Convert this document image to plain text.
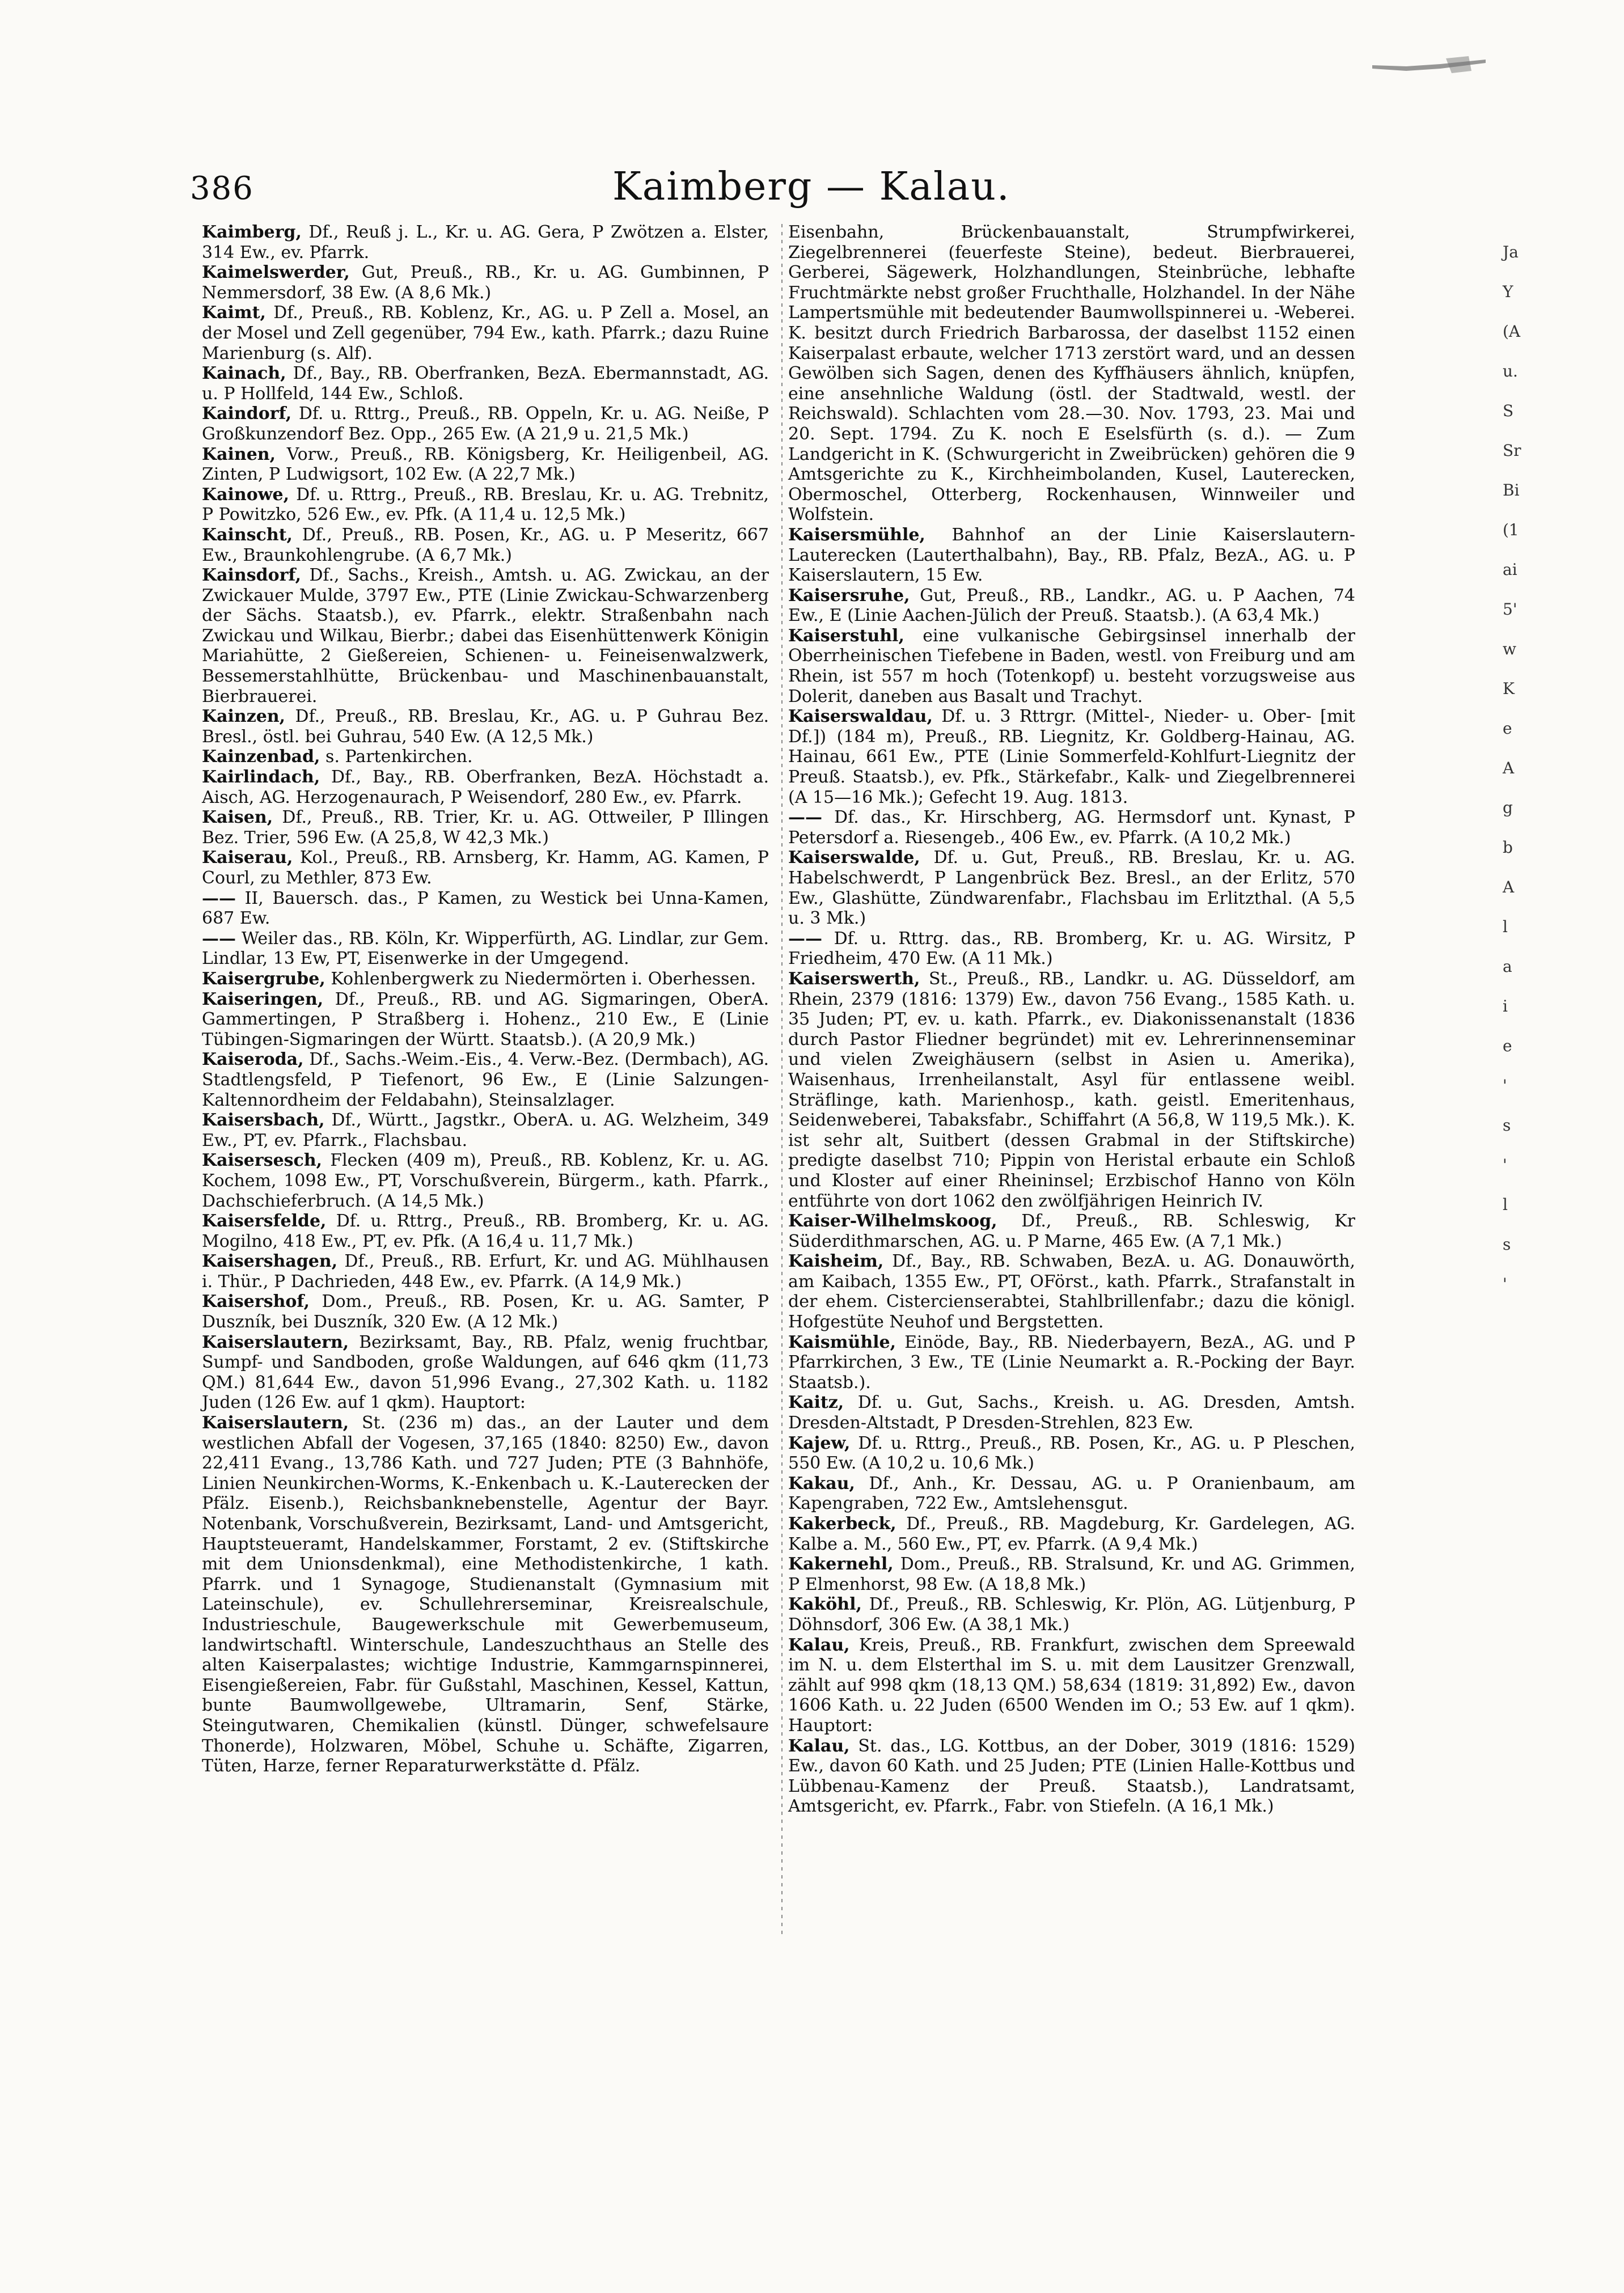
386	Kaimberg — Kalau.

Kaimberg, Df., Reuß j. L., Kr. u. AG. Gera, P Zwötzen a. Elster, 314 Ew., ev. Pfarrk.

Kaimelswerder, Gut, Preuß., RB., Kr. u. AG. Gumbinnen, P Nemmersdorf, 38 Ew. (A 8,6 Mk.)

Kaimt, Df., Preuß., RB. Koblenz, Kr., AG. u. P Zell a. Mosel, an der Mosel und Zell gegenüber, 794 Ew., kath. Pfarrk.; dazu Ruine Marienburg (s. Alf).

Kainach, Df., Bay., RB. Oberfranken, BezA. Ebermannstadt, AG. u. P Hollfeld, 144 Ew., Schloß.

Kaindorf, Df. u. Rttrg., Preuß., RB. Oppeln, Kr. u. AG. Neiße, P Großkunzendorf Bez. Opp., 265 Ew. (A 21,9 u. 21,5 Mk.)

Kainen, Vorw., Preuß., RB. Königsberg, Kr. Heiligenbeil, AG. Zinten, P Ludwigsort, 102 Ew. (A 22,7 Mk.)

Kainowe, Df. u. Rttrg., Preuß., RB. Breslau, Kr. u. AG. Trebnitz, P Powitzko, 526 Ew., ev. Pfk. (A 11,4 u. 12,5 Mk.)

Kainscht, Df., Preuß., RB. Posen, Kr., AG. u. P Meseritz, 667 Ew., Braunkohlengrube. (A 6,7 Mk.)

Kainsdorf, Df., Sachs., Kreish., Amtsh. u. AG. Zwickau, an der Zwickauer Mulde, 3797 Ew., PTE (Linie Zwickau-Schwarzenberg der Sächs. Staatsb.), ev. Pfarrk., elektr. Straßenbahn nach Zwickau und Wilkau, Bierbr.; dabei das Eisenhüttenwerk Königin Mariahütte, 2 Gießereien, Schienen- u. Feineisenwalzwerk, Bessemerstahlhütte, Brückenbau- und Maschinenbauanstalt, Bierbrauerei.

Kainzen, Df., Preuß., RB. Breslau, Kr., AG. u. P Guhrau Bez. Bresl., östl. bei Guhrau, 540 Ew. (A 12,5 Mk.)

Kainzenbad, s. Partenkirchen.

Kairlindach, Df., Bay., RB. Oberfranken, BezA. Höchstadt a. Aisch, AG. Herzogenaurach, P Weisendorf, 280 Ew., ev. Pfarrk.

Kaisen, Df., Preuß., RB. Trier, Kr. u. AG. Ottweiler, P Illingen Bez. Trier, 596 Ew. (A 25,8, W 42,3 Mk.)

Kaiserau, Kol., Preuß., RB. Arnsberg, Kr. Hamm, AG. Kamen, P Courl, zu Methler, 873 Ew.

—— II, Bauersch. das., P Kamen, zu Westick bei Unna-Kamen, 687 Ew.

—— Weiler das., RB. Köln, Kr. Wipperfürth, AG. Lindlar, zur Gem. Lindlar, 13 Ew, PT, Eisenwerke in der Umgegend.

Kaisergrube, Kohlenbergwerk zu Niedermörten i. Oberhessen.

Kaiseringen, Df., Preuß., RB. und AG. Sigmaringen, OberA. Gammertingen, P Straßberg i. Hohenz., 210 Ew., E (Linie Tübingen-Sigmaringen der Württ. Staatsb.). (A 20,9 Mk.)

Kaiseroda, Df., Sachs.-Weim.-Eis., 4. Verw.-Bez. (Dermbach), AG. Stadtlengsfeld, P Tiefenort, 96 Ew., E (Linie Salzungen-Kaltennordheim der Feldabahn), Steinsalzlager.

Kaisersbach, Df., Württ., Jagstkr., OberA. u. AG. Welzheim, 349 Ew., PT, ev. Pfarrk., Flachsbau.

Kaisersesch, Flecken (409 m), Preuß., RB. Koblenz, Kr. u. AG. Kochem, 1098 Ew., PT, Vorschußverein, Bürgerm., kath. Pfarrk., Dachschieferbruch. (A 14,5 Mk.)

Kaisersfelde, Df. u. Rttrg., Preuß., RB. Bromberg, Kr. u. AG. Mogilno, 418 Ew., PT, ev. Pfk. (A 16,4 u. 11,7 Mk.)

Kaisershagen, Df., Preuß., RB. Erfurt, Kr. und AG. Mühlhausen i. Thür., P Dachrieden, 448 Ew., ev. Pfarrk. (A 14,9 Mk.)

Kaisershof, Dom., Preuß., RB. Posen, Kr. u. AG. Samter, P Duszník, bei Duszník, 320 Ew. (A 12 Mk.)

Kaiserslautern, Bezirksamt, Bay., RB. Pfalz, wenig fruchtbar, Sumpf- und Sandboden, große Waldungen, auf 646 qkm (11,73 QM.) 81,644 Ew., davon 51,996 Evang., 27,302 Kath. u. 1182 Juden (126 Ew. auf 1 qkm). Hauptort:

Kaiserslautern, St. (236 m) das., an der Lauter und dem westlichen Abfall der Vogesen, 37,165 (1840: 8250) Ew., davon 22,411 Evang., 13,786 Kath. und 727 Juden; PTE (3 Bahnhöfe, Linien Neunkirchen-Worms, K.-Enkenbach u. K.-Lauterecken der Pfälz. Eisenb.), Reichsbanknebenstelle, Agentur der Bayr. Notenbank, Vorschußverein, Bezirksamt, Land- und Amtsgericht, Hauptsteueramt, Handelskammer, Forstamt, 2 ev. (Stiftskirche mit dem Unionsdenkmal), eine Methodistenkirche, 1 kath. Pfarrk. und 1 Synagoge, Studienanstalt (Gymnasium mit Lateinschule), ev. Schullehrerseminar, Kreisrealschule, Industrieschule, Baugewerkschule mit Gewerbemuseum, landwirtschaftl. Winterschule, Landeszuchthaus an Stelle des alten Kaiserpalastes; wichtige Industrie, Kammgarnspinnerei, Eisengießereien, Fabr. für Gußstahl, Maschinen, Kessel, Kattun, bunte Baumwollgewebe, Ultramarin, Senf, Stärke, Steingutwaren, Chemikalien (künstl. Dünger, schwefelsaure Thonerde), Holzwaren, Möbel, Schuhe u. Schäfte, Zigarren, Tüten, Harze, ferner Reparaturwerkstätte d. Pfälz.

Eisenbahn, Brückenbauanstalt, Strumpfwirkerei, Ziegelbrennerei (feuerfeste Steine), bedeut. Bierbrauerei, Gerberei, Sägewerk, Holzhandlungen, Steinbrüche, lebhafte Fruchtmärkte nebst großer Fruchthalle, Holzhandel. In der Nähe Lampertsmühle mit bedeutender Baumwollspinnerei u. -Weberei. K. besitzt durch Friedrich Barbarossa, der daselbst 1152 einen Kaiserpalast erbaute, welcher 1713 zerstört ward, und an dessen Gewölben sich Sagen, denen des Kyffhäusers ähnlich, knüpfen, eine ansehnliche Waldung (östl. der Stadtwald, westl. der Reichswald). Schlachten vom 28.—30. Nov. 1793, 23. Mai und 20. Sept. 1794. Zu K. noch E Eselsfürth (s. d.). — Zum Landgericht in K. (Schwurgericht in Zweibrücken) gehören die 9 Amtsgerichte zu K., Kirchheimbolanden, Kusel, Lauterecken, Obermoschel, Otterberg, Rockenhausen, Winnweiler und Wolfstein.

Kaisersmühle, Bahnhof an der Linie Kaiserslautern-Lauterecken (Lauterthalbahn), Bay., RB. Pfalz, BezA., AG. u. P Kaiserslautern, 15 Ew.

Kaisersruhe, Gut, Preuß., RB., Landkr., AG. u. P Aachen, 74 Ew., E (Linie Aachen-Jülich der Preuß. Staatsb.). (A 63,4 Mk.)

Kaiserstuhl, eine vulkanische Gebirgsinsel innerhalb der Oberrheinischen Tiefebene in Baden, westl. von Freiburg und am Rhein, ist 557 m hoch (Totenkopf) u. besteht vorzugsweise aus Dolerit, daneben aus Basalt und Trachyt.

Kaiserswaldau, Df. u. 3 Rttrgr. (Mittel-, Nieder- u. Ober- [mit Df.]) (184 m), Preuß., RB. Liegnitz, Kr. Goldberg-Hainau, AG. Hainau, 661 Ew., PTE (Linie Sommerfeld-Kohlfurt-Liegnitz der Preuß. Staatsb.), ev. Pfk., Stärkefabr., Kalk- und Ziegelbrennerei (A 15—16 Mk.); Gefecht 19. Aug. 1813.

—— Df. das., Kr. Hirschberg, AG. Hermsdorf unt. Kynast, P Petersdorf a. Riesengeb., 406 Ew., ev. Pfarrk. (A 10,2 Mk.)

Kaiserswalde, Df. u. Gut, Preuß., RB. Breslau, Kr. u. AG. Habelschwerdt, P Langenbrück Bez. Bresl., an der Erlitz, 570 Ew., Glashütte, Zündwarenfabr., Flachsbau im Erlitzthal. (A 5,5 u. 3 Mk.)

—— Df. u. Rttrg. das., RB. Bromberg, Kr. u. AG. Wirsitz, P Friedheim, 470 Ew. (A 11 Mk.)

Kaiserswerth, St., Preuß., RB., Landkr. u. AG. Düsseldorf, am Rhein, 2379 (1816: 1379) Ew., davon 756 Evang., 1585 Kath. u. 35 Juden; PT, ev. u. kath. Pfarrk., ev. Diakonissenanstalt (1836 durch Pastor Fliedner begründet) mit ev. Lehrerinnenseminar und vielen Zweighäusern (selbst in Asien u. Amerika), Waisenhaus, Irrenheilanstalt, Asyl für entlassene weibl. Sträflinge, kath. Marienhosp., kath. geistl. Emeritenhaus, Seidenweberei, Tabaksfabr., Schiffahrt (A 56,8, W 119,5 Mk.). K. ist sehr alt, Suitbert (dessen Grabmal in der Stiftskirche) predigte daselbst 710; Pippin von Heristal erbaute ein Schloß und Kloster auf einer Rheininsel; Erzbischof Hanno von Köln entführte von dort 1062 den zwölfjährigen Heinrich IV.

Kaiser-Wilhelmskoog, Df., Preuß., RB. Schleswig, Kr Süderdithmarschen, AG. u. P Marne, 465 Ew. (A 7,1 Mk.)

Kaisheim, Df., Bay., RB. Schwaben, BezA. u. AG. Donauwörth, am Kaibach, 1355 Ew., PT, OFörst., kath. Pfarrk., Strafanstalt in der ehem. Cistercienserabtei, Stahlbrillenfabr.; dazu die königl. Hofgestüte Neuhof und Bergstetten.

Kaismühle, Einöde, Bay., RB. Niederbayern, BezA., AG. und P Pfarrkirchen, 3 Ew., TE (Linie Neumarkt a. R.-Pocking der Bayr. Staatsb.).

Kaitz, Df. u. Gut, Sachs., Kreish. u. AG. Dresden, Amtsh. Dresden-Altstadt, P Dresden-Strehlen, 823 Ew.

Kajew, Df. u. Rttrg., Preuß., RB. Posen, Kr., AG. u. P Pleschen, 550 Ew. (A 10,2 u. 10,6 Mk.)

Kakau, Df., Anh., Kr. Dessau, AG. u. P Oranienbaum, am Kapengraben, 722 Ew., Amtslehensgut.

Kakerbeck, Df., Preuß., RB. Magdeburg, Kr. Gardelegen, AG. Kalbe a. M., 560 Ew., PT, ev. Pfarrk. (A 9,4 Mk.)

Kakernehl, Dom., Preuß., RB. Stralsund, Kr. und AG. Grimmen, P Elmenhorst, 98 Ew. (A 18,8 Mk.)

Kaköhl, Df., Preuß., RB. Schleswig, Kr. Plön, AG. Lütjenburg, P Döhnsdorf, 306 Ew. (A 38,1 Mk.)

Kalau, Kreis, Preuß., RB. Frankfurt, zwischen dem Spreewald im N. u. dem Elsterthal im S. u. mit dem Lausitzer Grenzwall, zählt auf 998 qkm (18,13 QM.) 58,634 (1819: 31,892) Ew., davon 1606 Kath. u. 22 Juden (6500 Wenden im O.; 53 Ew. auf 1 qkm). Hauptort:

Kalau, St. das., LG. Kottbus, an der Dober, 3019 (1816: 1529) Ew., davon 60 Kath. und 25 Juden; PTE (Linien Halle-Kottbus und Lübbenau-Kamenz der Preuß. Staatsb.), Landratsamt, Amtsgericht, ev. Pfarrk., Fabr. von Stiefeln. (A 16,1 Mk.)

Ja
Y
(A
u.
S
Sr
Bi
(1
ai
5'
w
K
e
A
g
b
A
l
a
i
e
'
s
'
l
s
'
